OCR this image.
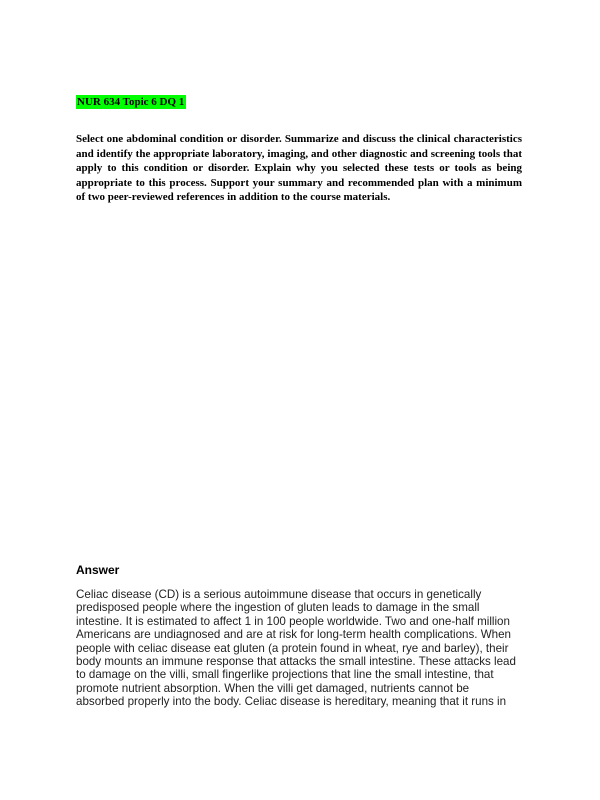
NUR 634 Topic 6 DQ 1

Select one abdominal condition or disorder. Summarize and discuss the clinical characteristics and identify the appropriate laboratory, imaging, and other diagnostic and screening tools that apply to this condition or disorder. Explain why you selected these tests or tools as being appropriate to this process. Support your summary and recommended plan with a minimum of two peer-reviewed references in addition to the course materials.

Answer

Celiac disease (CD) is a serious autoimmune disease that occurs in genetically
predisposed people where the ingestion of gluten leads to damage in the small
intestine. It is estimated to affect 1 in 100 people worldwide. Two and one-half million
Americans are undiagnosed and are at risk for long-term health complications. When
people with celiac disease eat gluten (a protein found in wheat, rye and barley), their
body mounts an immune response that attacks the small intestine. These attacks lead
to damage on the villi, small fingerlike projections that line the small intestine, that
promote nutrient absorption. When the villi get damaged, nutrients cannot be
absorbed properly into the body. Celiac disease is hereditary, meaning that it runs in
